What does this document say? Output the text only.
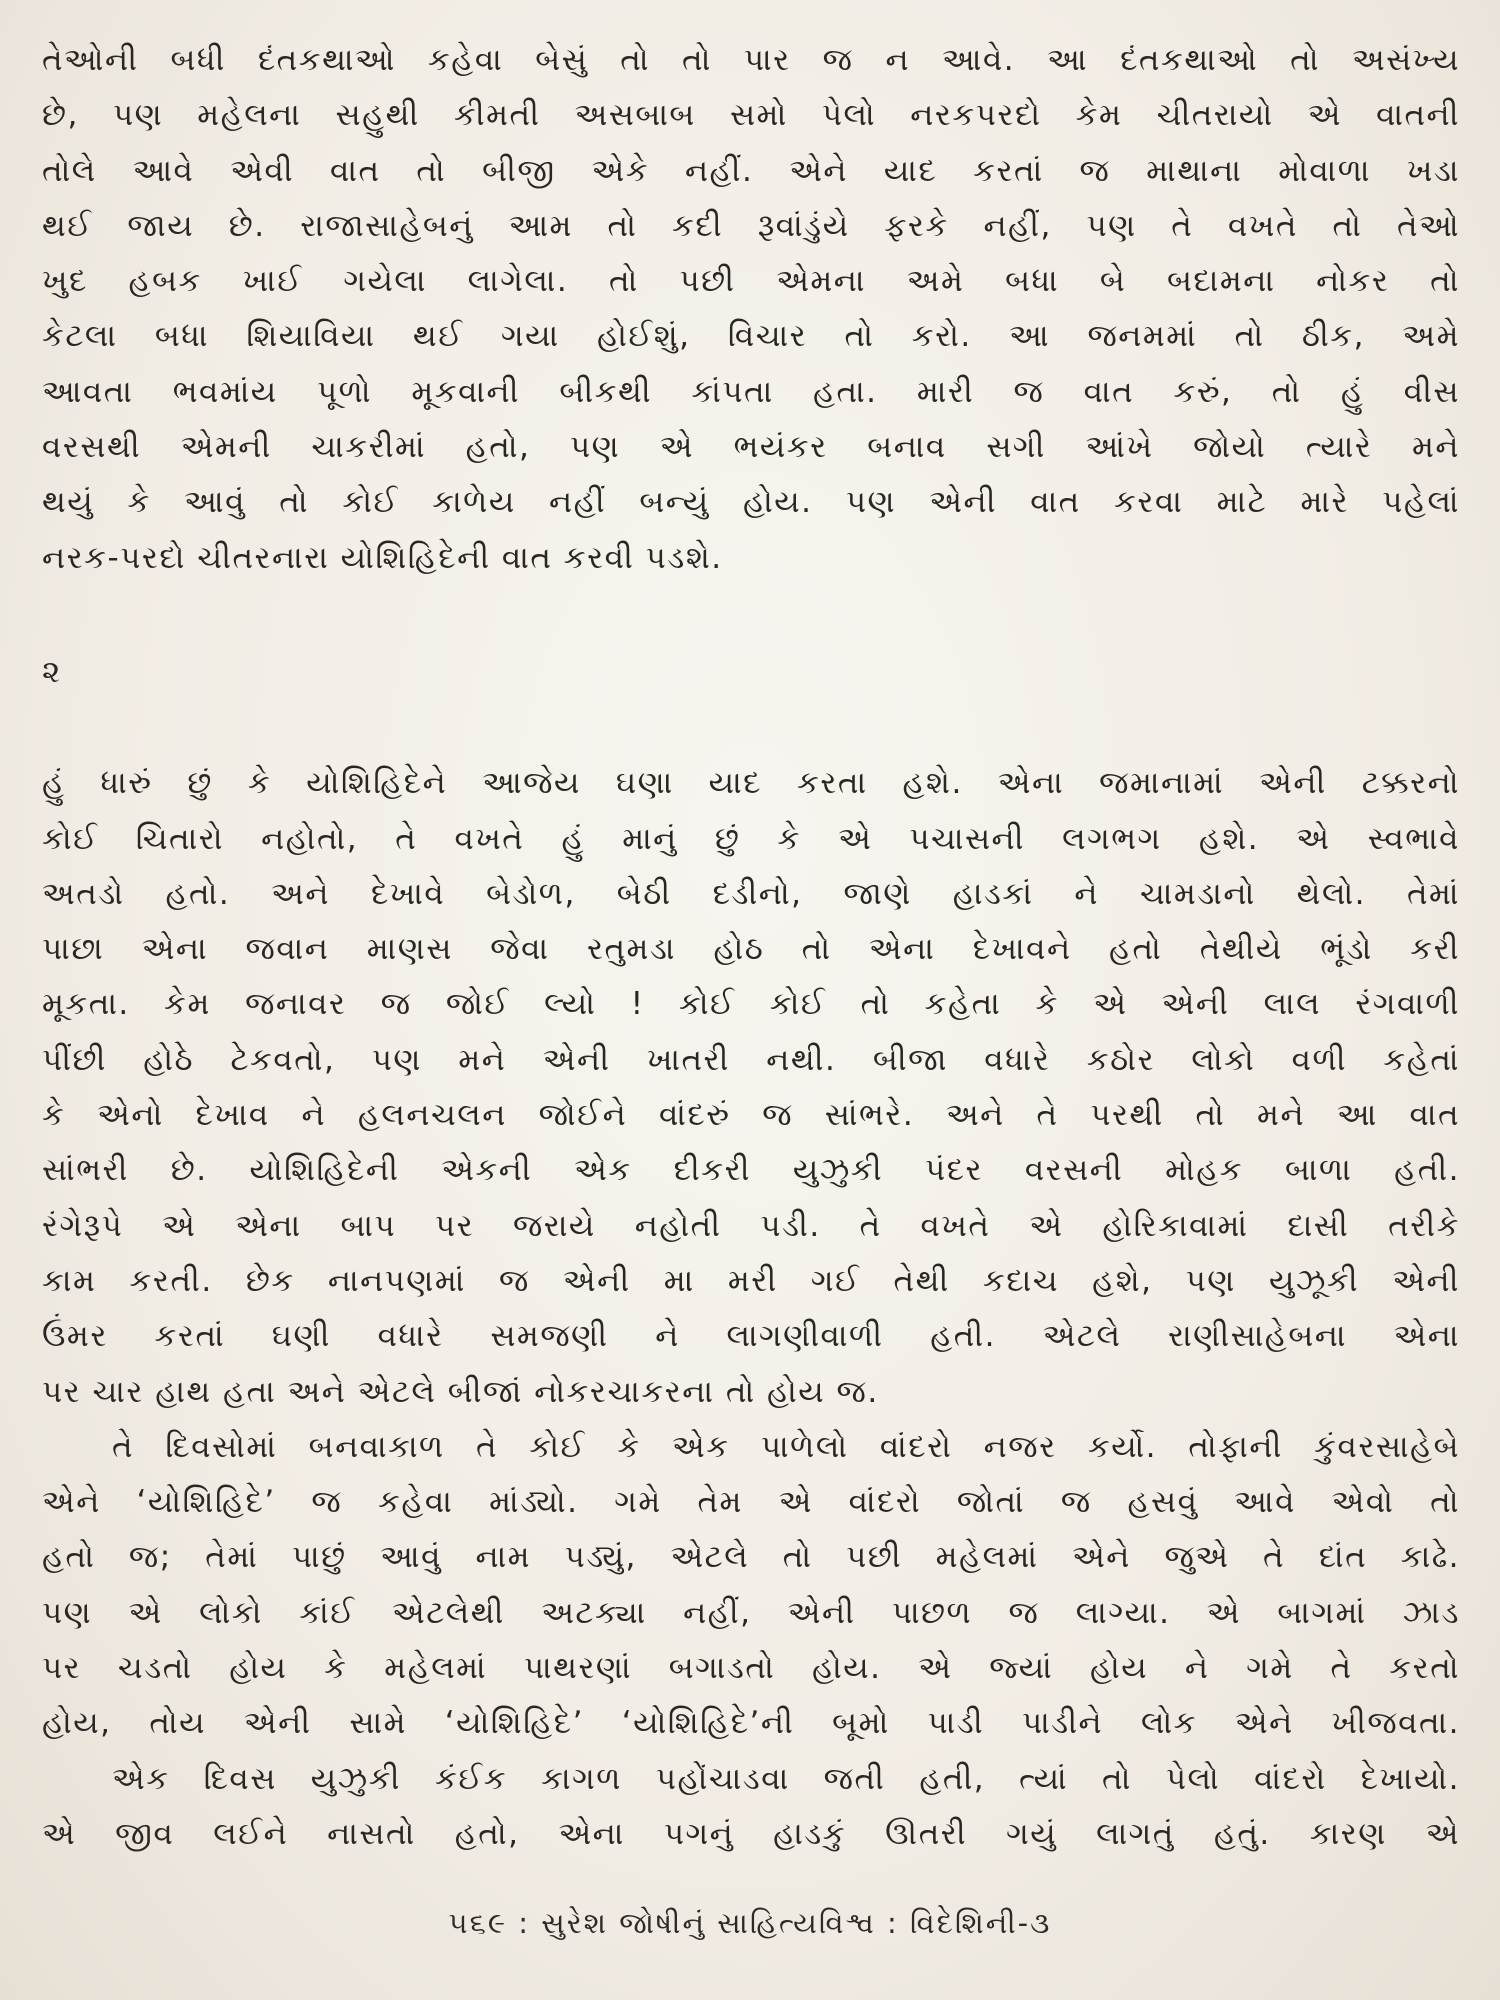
તેઓની બધી દંતકથાઓ કહેવા બેસું તો તો પાર જ ન આવે. આ દંતકથાઓ તો અસંખ્ય
છે, પણ મહેલના સહુથી કીમતી અસબાબ સમો પેલો નરકપરદો કેમ ચીતરાયો એ વાતની
તોલે આવે એવી વાત તો બીજી એકે નહીં. એને યાદ કરતાં જ માથાના મોવાળા ખડા
થઈ જાય છે. રાજાસાહેબનું આમ તો કદી રૂવાંડુંયે ફરકે નહીં, પણ તે વખતે તો તેઓ
ખુદ હબક ખાઈ ગયેલા લાગેલા. તો પછી એમના અમે બધા બે બદામના નોકર તો
કેટલા બધા શિયાવિયા થઈ ગયા હોઈશું, વિચાર તો કરો. આ જનમમાં તો ઠીક, અમે
આવતા ભવમાંય પૂળો મૂકવાની બીકથી કાંપતા હતા. મારી જ વાત કરું, તો હું વીસ
વરસથી એમની ચાકરીમાં હતો, પણ એ ભયંકર બનાવ સગી આંખે જોયો ત્યારે મને
થયું કે આવું તો કોઈ કાળેય નહીં બન્યું હોય. પણ એની વાત કરવા માટે મારે પહેલાં
નરક-પરદો ચીતરનારા યોશિહિદેની વાત કરવી પડશે.
૨
હું ધારું છું કે યોશિહિદેને આજેય ઘણા યાદ કરતા હશે. એના જમાનામાં એની ટક્કરનો
કોઈ ચિતારો નહોતો, તે વખતે હું માનું છું કે એ પચાસની લગભગ હશે. એ સ્વભાવે
અતડો હતો. અને દેખાવે બેડોળ, બેઠી દડીનો, જાણે હાડકાં ને ચામડાનો થેલો. તેમાં
પાછા એના જવાન માણસ જેવા રતુમડા હોઠ તો એના દેખાવને હતો તેથીયે ભૂંડો કરી
મૂકતા. કેમ જનાવર જ જોઈ લ્યો ! કોઈ કોઈ તો કહેતા કે એ એની લાલ રંગવાળી
પીંછી હોઠે ટેકવતો, પણ મને એની ખાતરી નથી. બીજા વધારે કઠોર લોકો વળી કહેતાં
કે એનો દેખાવ ને હલનચલન જોઈને વાંદરું જ સાંભરે. અને તે પરથી તો મને આ વાત
સાંભરી છે. યોશિહિદેની એકની એક દીકરી યુઝુકી પંદર વરસની મોહક બાળા હતી.
રંગેરૂપે એ એના બાપ પર જરાયે નહોતી પડી. તે વખતે એ હોરિકાવામાં દાસી તરીકે
કામ કરતી. છેક નાનપણમાં જ એની મા મરી ગઈ તેથી કદાચ હશે, પણ યુઝૂકી એની
ઉંમર કરતાં ઘણી વધારે સમજણી ને લાગણીવાળી હતી. એટલે રાણીસાહેબના એના
પર ચાર હાથ હતા અને એટલે બીજાં નોકરચાકરના તો હોય જ.
તે દિવસોમાં બનવાકાળ તે કોઈ કે એક પાળેલો વાંદરો નજર કર્યો. તોફાની કુંવરસાહેબે
એને ‘યોશિહિદે’ જ કહેવા માંડ્યો. ગમે તેમ એ વાંદરો જોતાં જ હસવું આવે એવો તો
હતો જ; તેમાં પાછું આવું નામ પડ્યું, એટલે તો પછી મહેલમાં એને જુએ તે દાંત કાઢે.
પણ એ લોકો કાંઈ એટલેથી અટક્યા નહીં, એની પાછળ જ લાગ્યા. એ બાગમાં ઝાડ
પર ચડતો હોય કે મહેલમાં પાથરણાં બગાડતો હોય. એ જ્યાં હોય ને ગમે તે કરતો
હોય, તોય એની સામે ‘યોશિહિદે’ ‘યોશિહિદે’ની બૂમો પાડી પાડીને લોક એને ખીજવતા.
એક દિવસ યુઝુકી કંઈક કાગળ પહોંચાડવા જતી હતી, ત્યાં તો પેલો વાંદરો દેખાયો.
એ જીવ લઈને નાસતો હતો, એના પગનું હાડકું ઊતરી ગયું લાગતું હતું. કારણ એ
૫૬૯ : સુરેશ જોષીનું સાહિત્યવિશ્વ : વિદેશિની-૩
